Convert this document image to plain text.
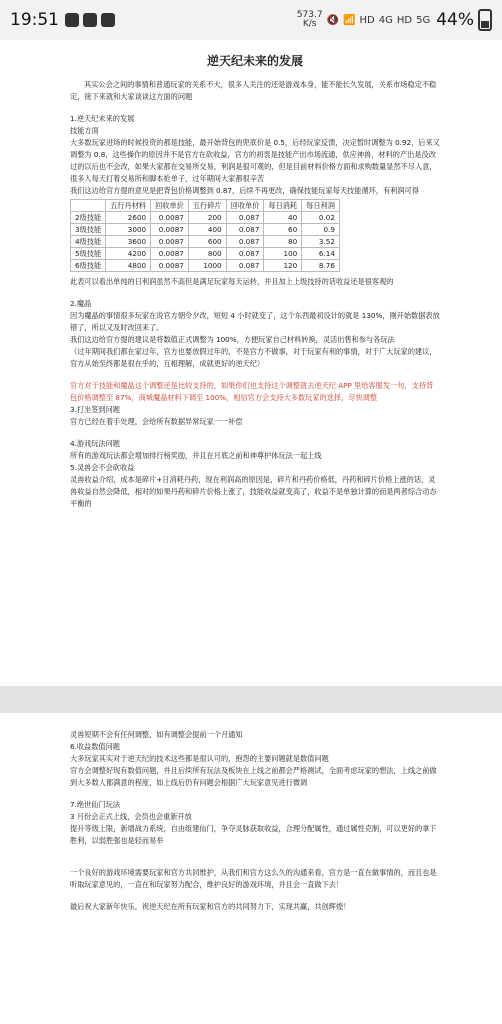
19:51	573.7
K/s	🔇 📶 HD 4G HD 5G 44%
逆天纪未来的发展

其实公会之间的事情和普通玩家的关系不大，很多人关注的还是游戏本身，能不能长久发展，关系市场稳定不稳定，接下来就和大家谈谈这方面的问题

1.逆天纪未来的发展

技能方面

大多数玩家进场的时候投资的都是技能，最开始背包的兜底价是 0.5，后经玩家反馈，决定暂时调整为 0.92，后来又调整为 0.8，这些操作的原因并不是官方在砍收益，官方的初衷是技能产出市场流通，供应神兽，材料的产出是没改过的以后也不会改，如果大家都在交易所交易，利润是很可观的，但是目前材料价格方面和求购数量显然不尽人意，很多人每天打着交易所和脚本抢单子，过年期间大家都很辛苦

我们这边给官方提的意见是把背包价格调整到 0.87，后续不再更改，确保技能玩家每天技能循环，有利润可得

	五行丹材料	回收单价	五行碎片	回收单价	每日消耗	每日利润
2级技能	2600	0.0087	200	0.087	40	0.02
3级技能	3000	0.0087	400	0.087	60	0.9
4级技能	3600	0.0087	600	0.087	80	3.52
5级技能	4200	0.0087	800	0.087	100	6.14
6级技能	4800	0.0087	1000	0.087	120	8.76

此表可以看出单纯的日利润虽然不高但是满足玩家每天运转，并且加上上级技持的话收益还是很客观的

2.魔晶

因为魔晶的事情很多玩家在说官方朝令夕改，短短 4 小时就变了，这个东西最初设计的就是 130%，刚开始数据表放错了，所以又及时改回来了。

我们这边给官方提的建议是将数值正式调整为 100%，方便玩家自己材料转换，灵活出售和参与各玩法

（过年期间我们都在家过年，官方也要放假过年的，不是官方不做事，对于玩家有利的事情，对于广大玩家的建议，官方从始至终都是很在乎的，互相理解，成就更好的逆天纪）

官方对于技能和魔晶这个调整还是比较支持的，如果你们也支持这个调整就去逆天纪 APP 里给客服发一句，支持背包价格调整至 87%，商城魔晶材料下调至 100%，相信官方会支持大多数玩家的选择，尽快调整

3.打坐签到问题

官方已经在着手处理，会给所有数据异常玩家一一补偿

4.游戏玩法问题

所有的游戏玩法都会增加排行榜奖励，并且在月底之前和神尊护体玩法一起上线

5.灵兽会不会砍收益

灵兽收益介绍，成本是碎片+日消耗丹药，现在利润高的原因是，碎片和丹药价格低，丹药和碎片价格上涨的话，灵兽收益自然会降低，相对的如果丹药和碎片价格上涨了，技能收益就变高了，收益不是单独计算的而是两者综合动态平衡的

灵兽短期不会有任何调整，如有调整会提前一个月通知

6.收益数值问题

大多玩家其实对于逆天纪的技术这些都是很认可的，抱怨的主要问题就是数值问题

官方会调整好现有数值问题，并且后续所有玩法及板块在上线之前都会严格测试，全面考虑玩家的想法，上线之前做到大多数人都满意的程度，如上线后仍有问题会根据广大玩家意见进行微调

7.绝世仙门玩法

3 月份会正式上线，会员也会重新开放

提升等级上限，新增战力系统，自由组建仙门，争夺灵脉获取收益，合理分配属性，通过属性克制，可以更好的拿下胜利，以弱胜强也是轻而易举

一个良好的游戏环境需要玩家和官方共同维护，从我们和官方这么久的沟通来看，官方是一直在做事情的，而且也是听取玩家意见的，一直在和玩家努力配合，维护良好的游戏环境，并且会一直做下去！

最后祝大家新年快乐，祝逆天纪在所有玩家和官方的共同努力下，实现共赢，共创辉煌！
